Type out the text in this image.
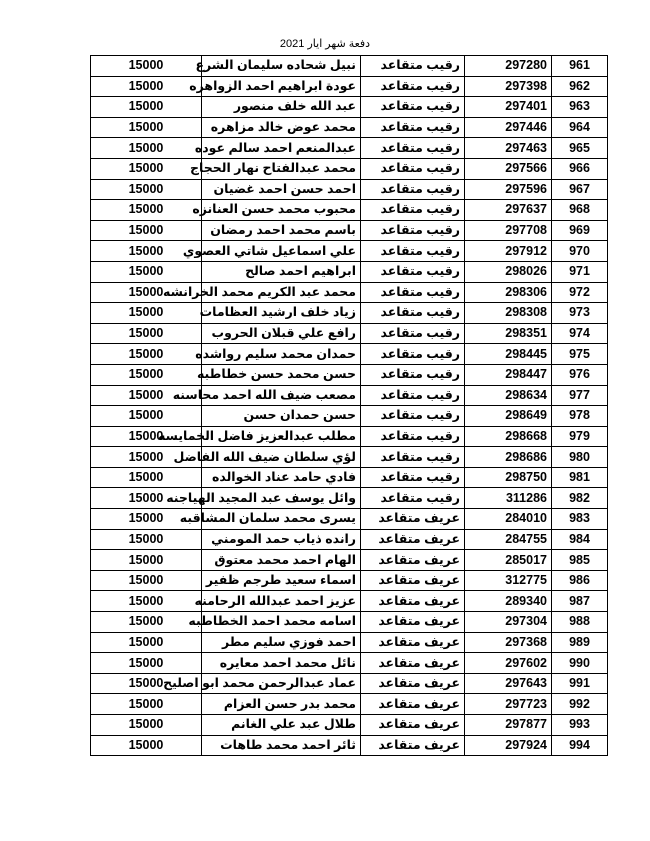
دفعة شهر ايار 2021
15000	نبيل شحاده سليمان الشرع	رقيب متقاعد	297280	961
15000	عودة ابراهيم احمد الزواهره	رقيب متقاعد	297398	962
15000	عبد الله خلف منصور	رقيب متقاعد	297401	963
15000	محمد عوض خالد مزاهره	رقيب متقاعد	297446	964
15000	عبدالمنعم احمد سالم عوده	رقيب متقاعد	297463	965
15000	محمد عبدالفتاح نهار الحجاج	رقيب متقاعد	297566	966
15000	احمد حسن احمد غضيان	رقيب متقاعد	297596	967
15000	محبوب محمد حسن العنانزه	رقيب متقاعد	297637	968
15000	باسم محمد احمد رمضان	رقيب متقاعد	297708	969
15000	علي اسماعيل شاتي العصوي	رقيب متقاعد	297912	970
15000	ابراهيم احمد صالح	رقيب متقاعد	298026	971
15000	محمد عبد الكريم محمد الخرانشه	رقيب متقاعد	298306	972
15000	زياد خلف ارشيد العظامات	رقيب متقاعد	298308	973
15000	رافع علي قبلان الحروب	رقيب متقاعد	298351	974
15000	حمدان محمد سليم رواشده	رقيب متقاعد	298445	975
15000	حسن محمد حسن خطاطبه	رقيب متقاعد	298447	976
15000	مصعب ضيف الله احمد محاسنه	رقيب متقاعد	298634	977
15000	حسن حمدان حسن	رقيب متقاعد	298649	978
15000	مطلب عبدالعزيز فاضل الخمايسه	رقيب متقاعد	298668	979
15000	لؤي سلطان ضيف الله الفاضل	رقيب متقاعد	298686	980
15000	فادي حامد عناد الخوالده	رقيب متقاعد	298750	981
15000	وائل يوسف عبد المجيد الهياجنه	رقيب متقاعد	311286	982
15000	يسرى محمد سلمان المشاقبه	عريف متقاعد	284010	983
15000	رانده ذياب حمد المومني	عريف متقاعد	284755	984
15000	الهام احمد محمد معتوق	عريف متقاعد	285017	985
15000	اسماء سعيد طرجم ظفير	عريف متقاعد	312775	986
15000	عزيز احمد عبدالله الرحامنه	عريف متقاعد	289340	987
15000	اسامه محمد احمد الخطاطبه	عريف متقاعد	297304	988
15000	احمد فوزي سليم مطر	عريف متقاعد	297368	989
15000	نائل محمد احمد معايره	عريف متقاعد	297602	990
15000	عماد عبدالرحمن محمد ابو اصليح	عريف متقاعد	297643	991
15000	محمد بدر حسن العزام	عريف متقاعد	297723	992
15000	طلال عبد علي الغانم	عريف متقاعد	297877	993
15000	ثائر احمد محمد طاهات	عريف متقاعد	297924	994
